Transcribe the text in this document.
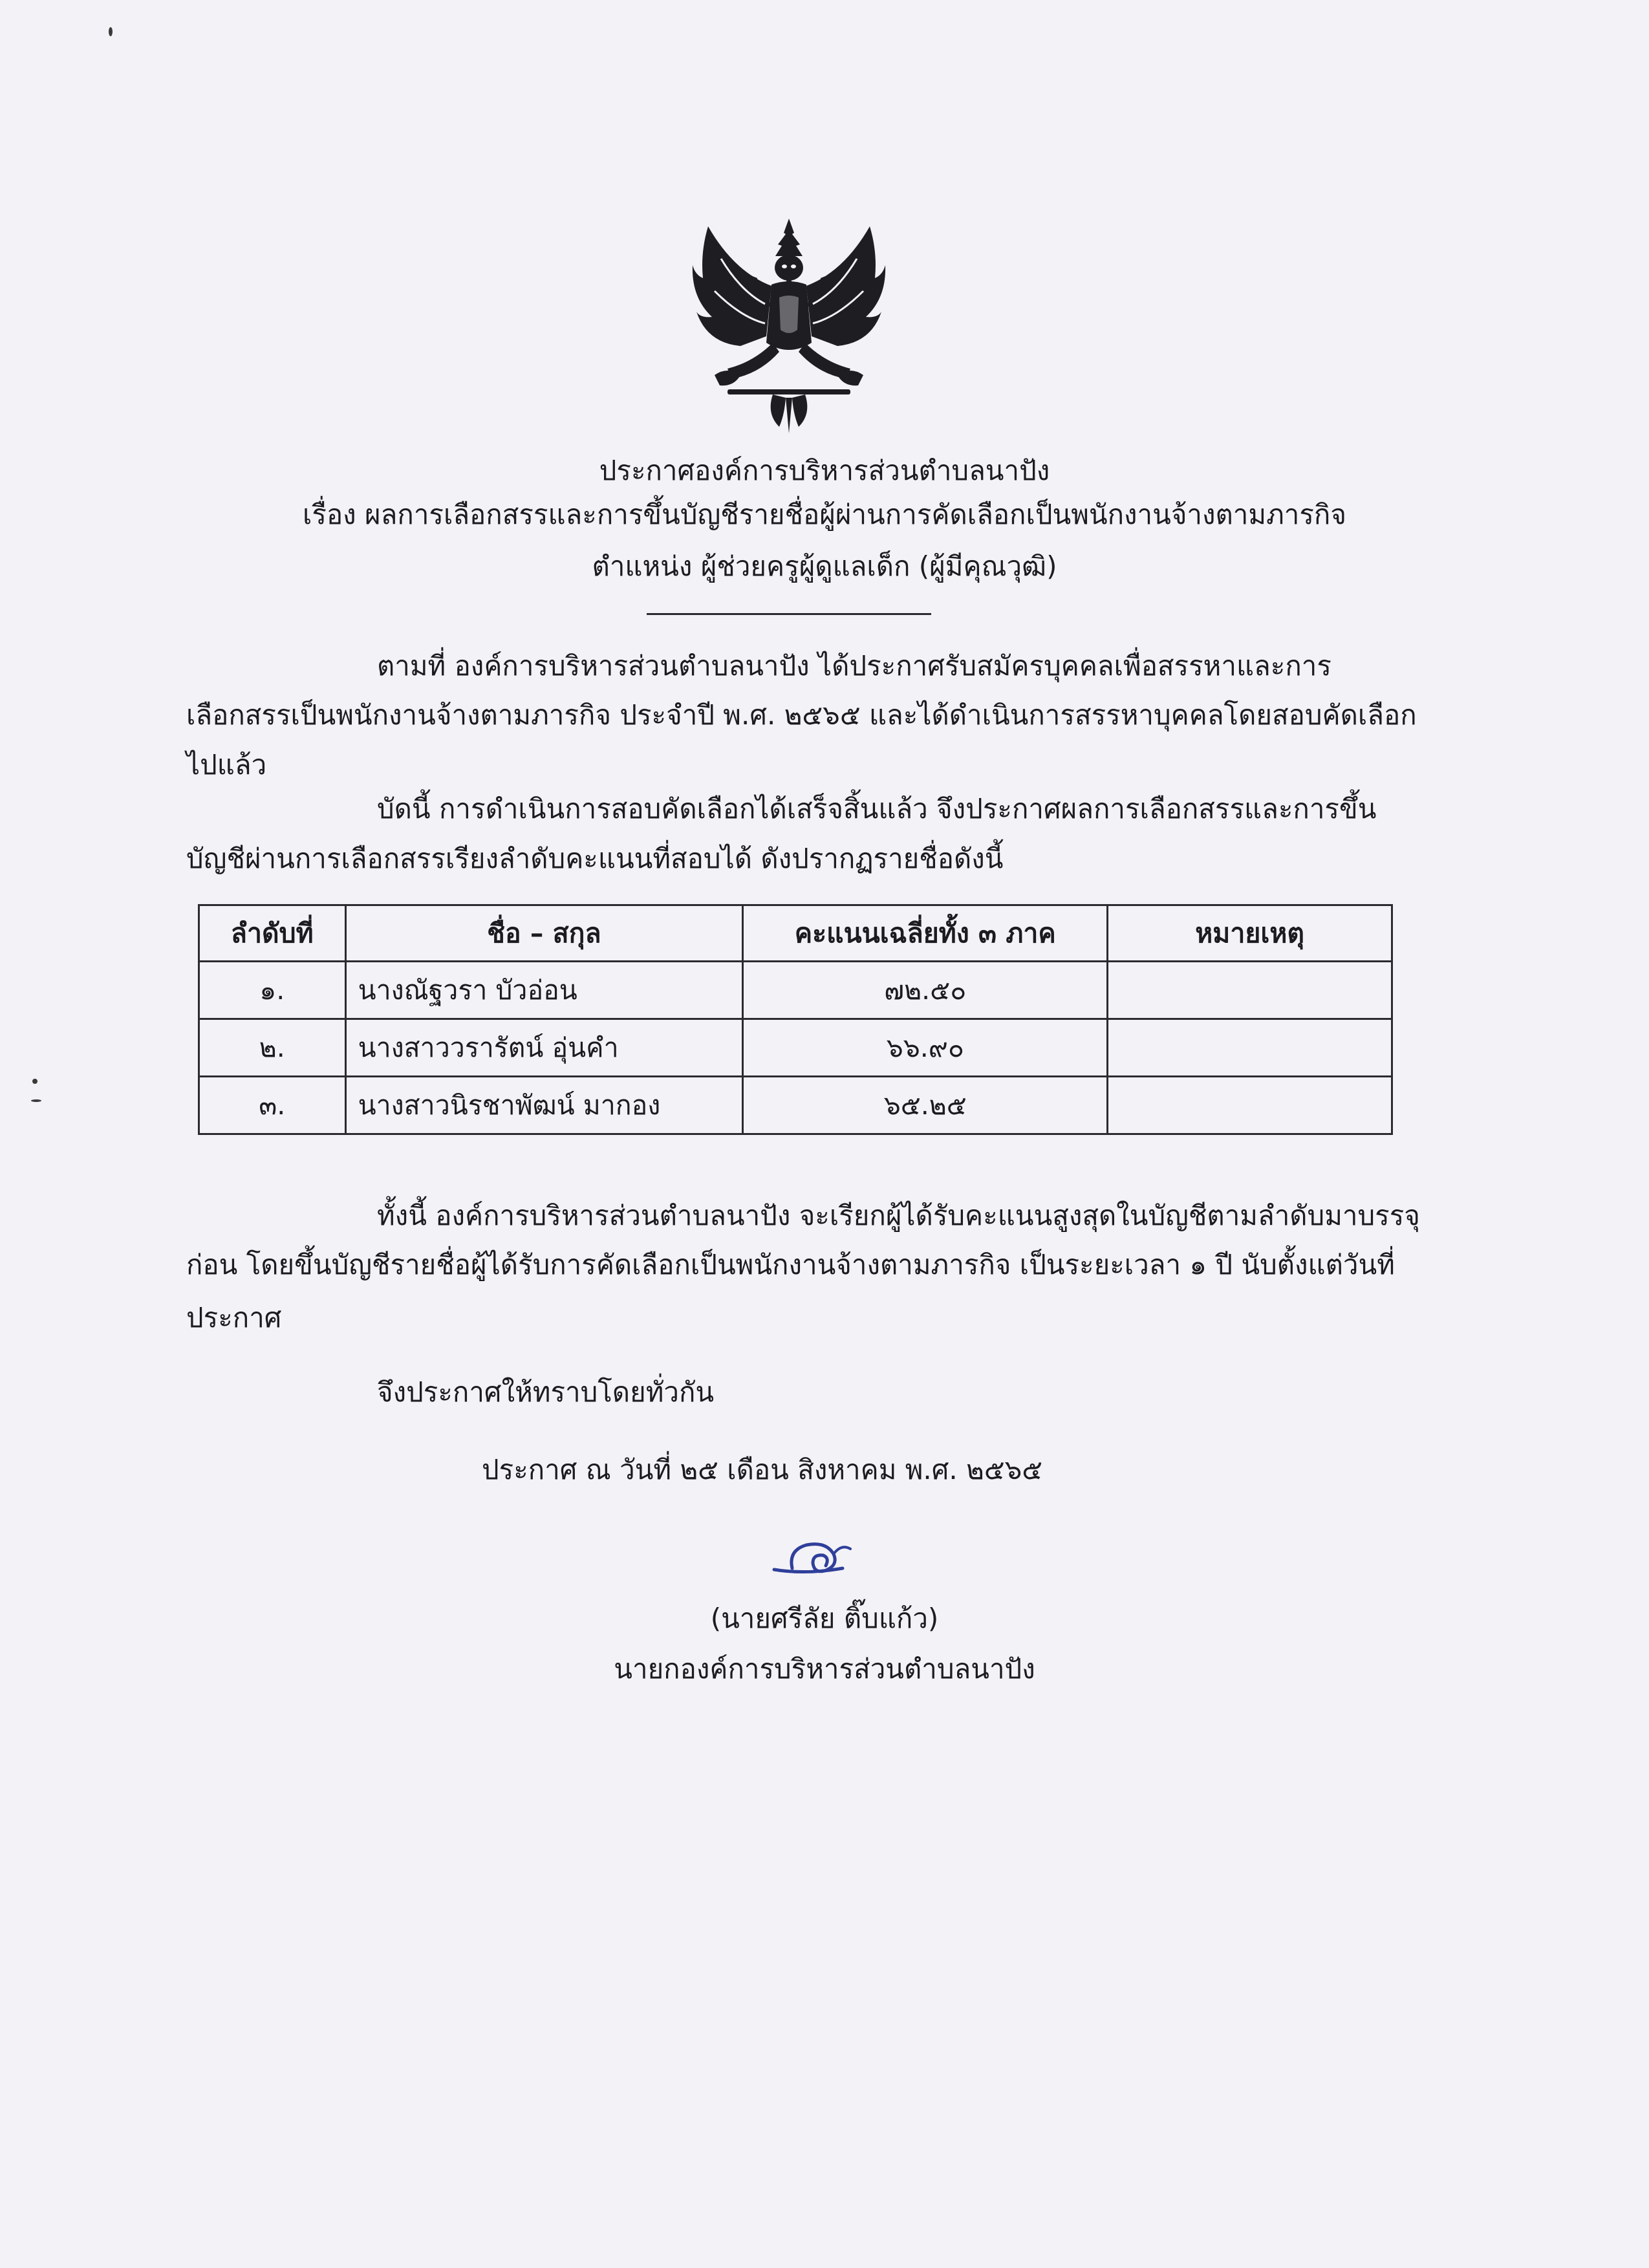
ประกาศองค์การบริหารส่วนตำบลนาปัง
เรื่อง ผลการเลือกสรรและการขึ้นบัญชีรายชื่อผู้ผ่านการคัดเลือกเป็นพนักงานจ้างตามภารกิจ
ตำแหน่ง ผู้ช่วยครูผู้ดูแลเด็ก (ผู้มีคุณวุฒิ)
ตามที่ องค์การบริหารส่วนตำบลนาปัง ได้ประกาศรับสมัครบุคคลเพื่อสรรหาและการ
เลือกสรรเป็นพนักงานจ้างตามภารกิจ ประจำปี พ.ศ. ๒๕๖๕ และได้ดำเนินการสรรหาบุคคลโดยสอบคัดเลือก
ไปแล้ว
บัดนี้ การดำเนินการสอบคัดเลือกได้เสร็จสิ้นแล้ว จึงประกาศผลการเลือกสรรและการขึ้น
บัญชีผ่านการเลือกสรรเรียงลำดับคะแนนที่สอบได้ ดังปรากฏรายชื่อดังนี้
ลำดับที่	ชื่อ – สกุล	คะแนนเฉลี่ยทั้ง ๓ ภาค	หมายเหตุ
๑.	นางณัฐวรา บัวอ่อน	๗๒.๕๐	
๒.	นางสาววรารัตน์ อุ่นคำ	๖๖.๙๐	
๓.	นางสาวนิรชาพัฒน์ มากอง	๖๕.๒๕	
ทั้งนี้ องค์การบริหารส่วนตำบลนาปัง จะเรียกผู้ได้รับคะแนนสูงสุดในบัญชีตามลำดับมาบรรจุ
ก่อน โดยขึ้นบัญชีรายชื่อผู้ได้รับการคัดเลือกเป็นพนักงานจ้างตามภารกิจ เป็นระยะเวลา ๑ ปี นับตั้งแต่วันที่
ประกาศ
จึงประกาศให้ทราบโดยทั่วกัน
ประกาศ ณ วันที่ ๒๕ เดือน สิงหาคม พ.ศ. ๒๕๖๕
(นายศรีลัย ติ๊บแก้ว)
นายกองค์การบริหารส่วนตำบลนาปัง
